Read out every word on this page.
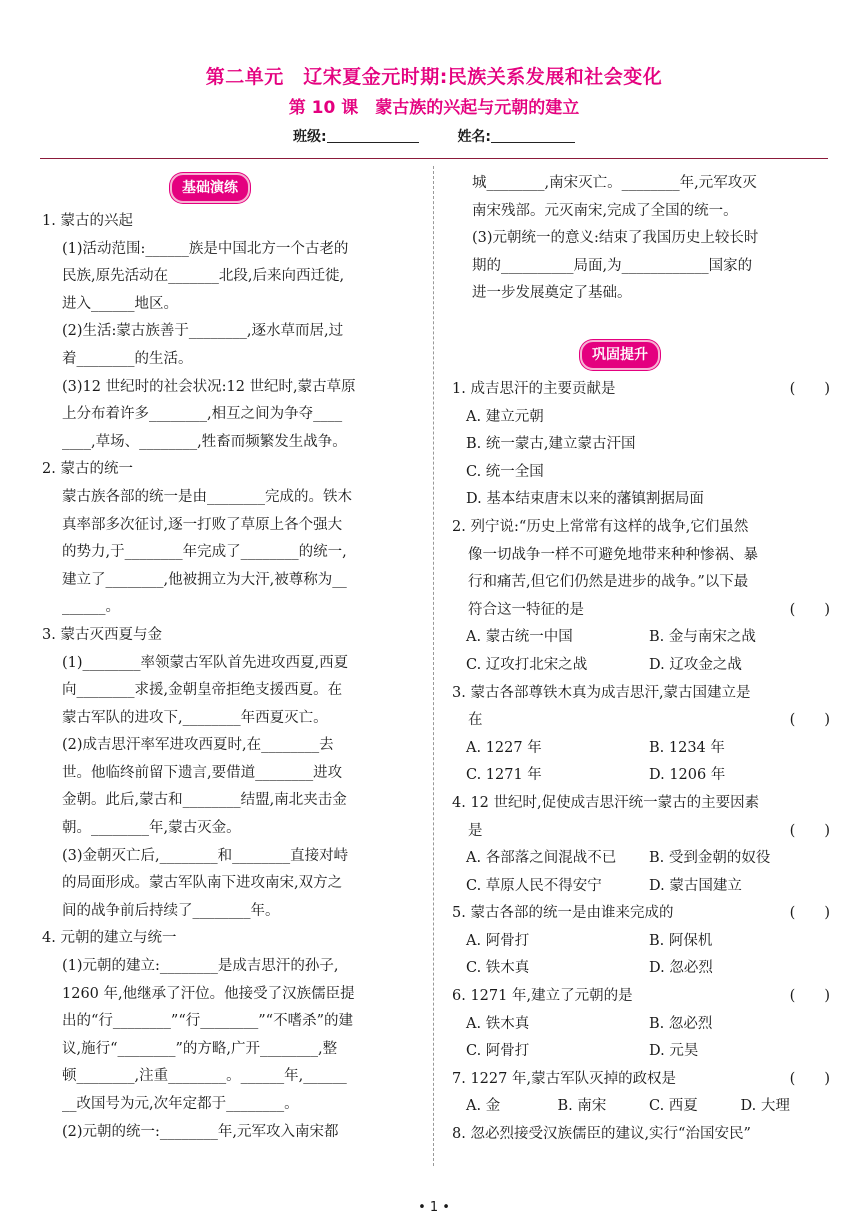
第二单元　辽宋夏金元时期:民族关系发展和社会变化
第 10 课　蒙古族的兴起与元朝的建立
班级:	姓名:
基础演练
1. 蒙古的兴起
(1)活动范围:______族是中国北方一个古老的
民族,原先活动在_______北段,后来向西迁徙,
进入______地区。
(2)生活:蒙古族善于________,逐水草而居,过
着________的生活。
(3)12 世纪时的社会状况:12 世纪时,蒙古草原
上分布着许多________,相互之间为争夺____
____,草场、________,牲畜而频繁发生战争。
2. 蒙古的统一
蒙古族各部的统一是由________完成的。铁木
真率部多次征讨,逐一打败了草原上各个强大
的势力,于________年完成了________的统一,
建立了________,他被拥立为大汗,被尊称为__
______。
3. 蒙古灭西夏与金
(1)________率领蒙古军队首先进攻西夏,西夏
向________求援,金朝皇帝拒绝支援西夏。在
蒙古军队的进攻下,________年西夏灭亡。
(2)成吉思汗率军进攻西夏时,在________去
世。他临终前留下遗言,要借道________进攻
金朝。此后,蒙古和________结盟,南北夹击金
朝。________年,蒙古灭金。
(3)金朝灭亡后,________和________直接对峙
的局面形成。蒙古军队南下进攻南宋,双方之
间的战争前后持续了________年。
4. 元朝的建立与统一
(1)元朝的建立:________是成吉思汗的孙子,
1260 年,他继承了汗位。他接受了汉族儒臣提
出的“行________”“行________”“不嗜杀”的建
议,施行“________”的方略,广开________,整
顿________,注重________。______年,______
__改国号为元,次年定都于________。
(2)元朝的统一:________年,元军攻入南宋都
城________,南宋灭亡。________年,元军攻灭
南宋残部。元灭南宋,完成了全国的统一。
(3)元朝统一的意义:结束了我国历史上较长时
期的__________局面,为____________国家的
进一步发展奠定了基础。
巩固提升
1. 成吉思汗的主要贡献是	(　　)
A. 建立元朝
B. 统一蒙古,建立蒙古汗国
C. 统一全国
D. 基本结束唐末以来的藩镇割据局面
2. 列宁说:“历史上常常有这样的战争,它们虽然
像一切战争一样不可避免地带来种种惨祸、暴
行和痛苦,但它们仍然是进步的战争。”以下最
符合这一特征的是	(　　)
A. 蒙古统一中国	B. 金与南宋之战
C. 辽攻打北宋之战	D. 辽攻金之战
3. 蒙古各部尊铁木真为成吉思汗,蒙古国建立是
在	(　　)
A. 1227 年	B. 1234 年
C. 1271 年	D. 1206 年
4. 12 世纪时,促使成吉思汗统一蒙古的主要因素
是	(　　)
A. 各部落之间混战不已	B. 受到金朝的奴役
C. 草原人民不得安宁	D. 蒙古国建立
5. 蒙古各部的统一是由谁来完成的	(　　)
A. 阿骨打	B. 阿保机
C. 铁木真	D. 忽必烈
6. 1271 年,建立了元朝的是	(　　)
A. 铁木真	B. 忽必烈
C. 阿骨打	D. 元昊
7. 1227 年,蒙古军队灭掉的政权是	(　　)
A. 金	B. 南宋	C. 西夏	D. 大理
8. 忽必烈接受汉族儒臣的建议,实行“治国安民”
• 1 •
